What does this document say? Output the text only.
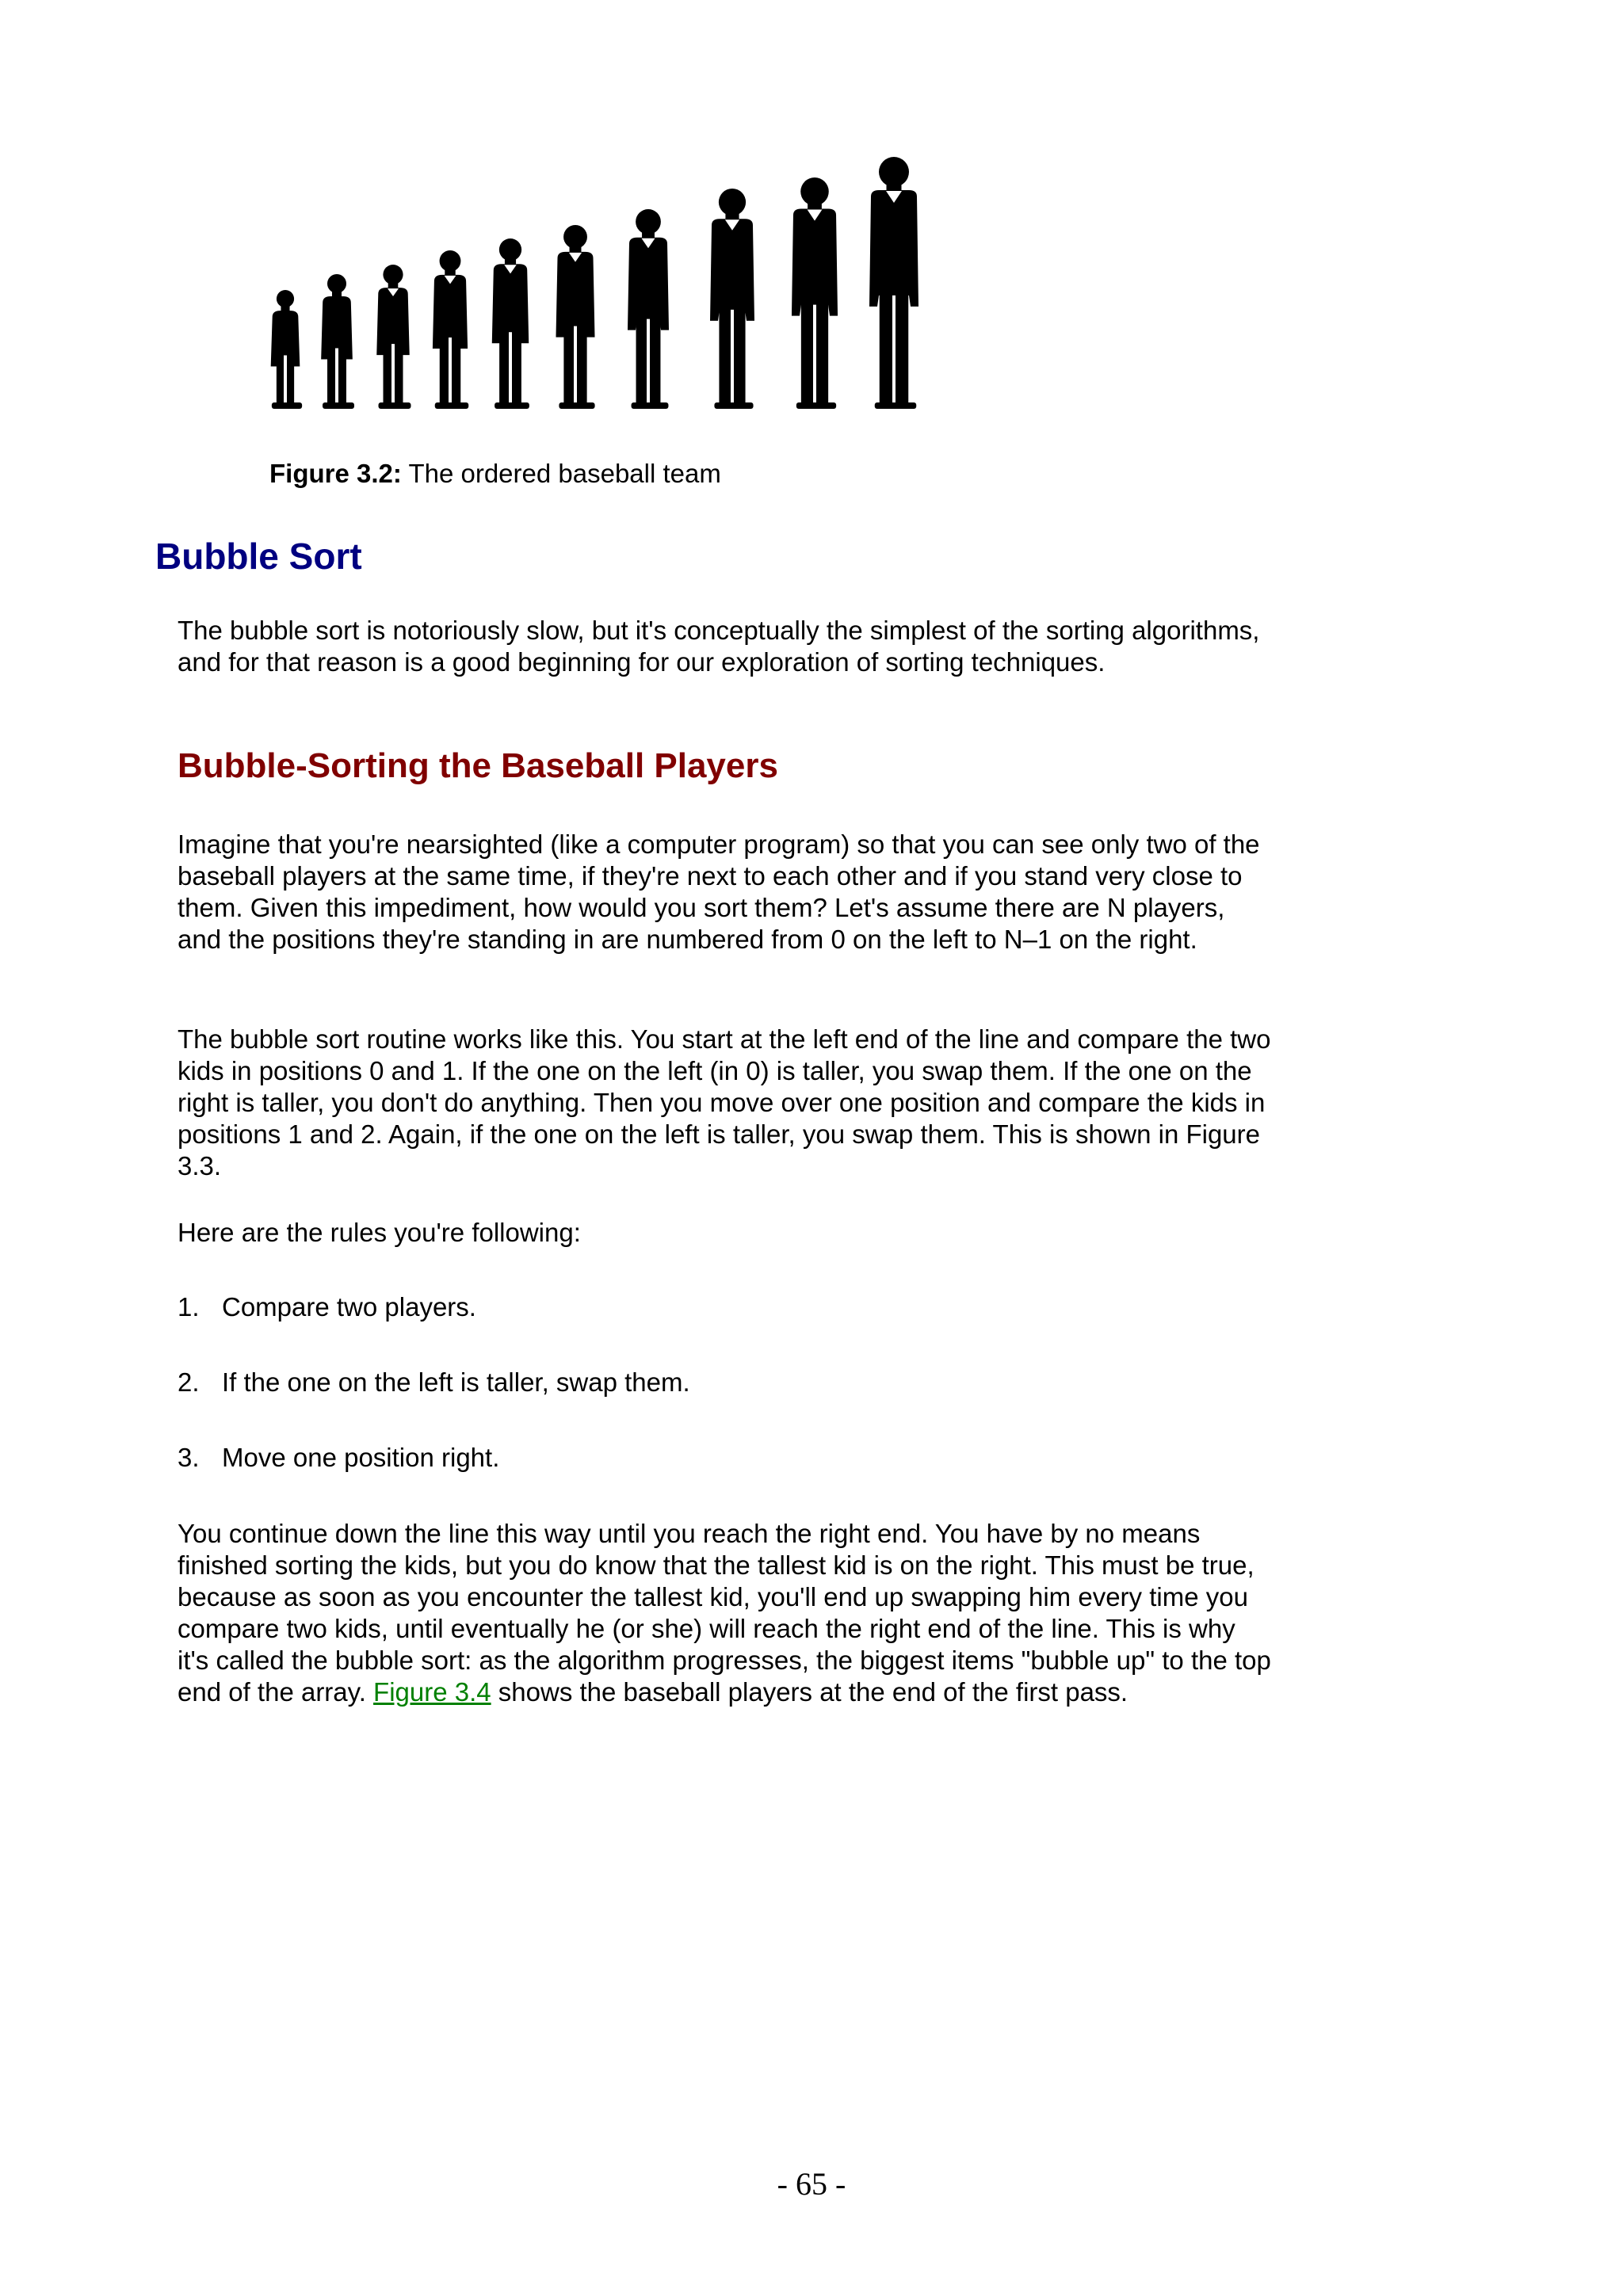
Figure 3.2: The ordered baseball team
Bubble Sort

The bubble sort is notoriously slow, but it's conceptually the simplest of the sorting algorithms, and for that reason is a good beginning for our exploration of sorting techniques.

Bubble-Sorting the Baseball Players

Imagine that you're nearsighted (like a computer program) so that you can see only two of the baseball players at the same time, if they're next to each other and if you stand very close to them. Given this impediment, how would you sort them? Let's assume there are N players, and the positions they're standing in are numbered from 0 on the left to N–1 on the right.

The bubble sort routine works like this. You start at the left end of the line and compare the two kids in positions 0 and 1. If the one on the left (in 0) is taller, you swap them. If the one on the right is taller, you don't do anything. Then you move over one position and compare the kids in positions 1 and 2. Again, if the one on the left is taller, you swap them. This is shown in Figure 3.3.

Here are the rules you're following:

1. Compare two players.

2. If the one on the left is taller, swap them.

3. Move one position right.

You continue down the line this way until you reach the right end. You have by no means finished sorting the kids, but you do know that the tallest kid is on the right. This must be true, because as soon as you encounter the tallest kid, you'll end up swapping him every time you compare two kids, until eventually he (or she) will reach the right end of the line. This is why it's called the bubble sort: as the algorithm progresses, the biggest items "bubble up" to the top end of the array. Figure 3.4 shows the baseball players at the end of the first pass.

- 65 -
